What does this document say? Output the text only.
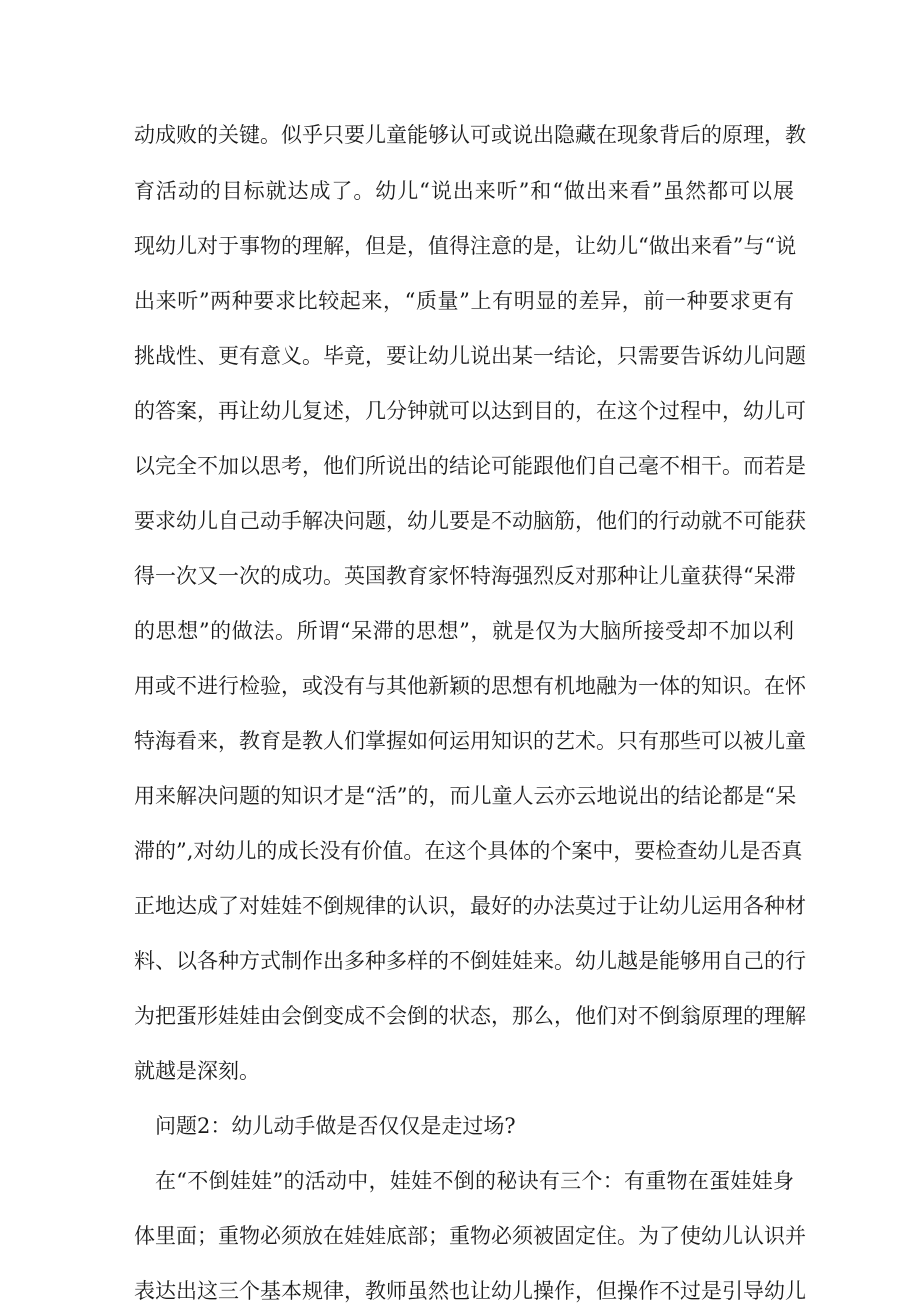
动成败的关键。似乎只要儿童能够认可或说出隐藏在现象背后的原理，教

育活动的目标就达成了。幼儿“说出来听”和“做出来看”虽然都可以展

现幼儿对于事物的理解，但是，值得注意的是，让幼儿“做出来看”与“说

出来听”两种要求比较起来，“质量”上有明显的差异，前一种要求更有

挑战性、更有意义。毕竟，要让幼儿说出某一结论，只需要告诉幼儿问题

的答案，再让幼儿复述，几分钟就可以达到目的，在这个过程中，幼儿可

以完全不加以思考，他们所说出的结论可能跟他们自己毫不相干。而若是

要求幼儿自己动手解决问题，幼儿要是不动脑筋，他们的行动就不可能获

得一次又一次的成功。英国教育家怀特海强烈反对那种让儿童获得“呆滞

的思想”的做法。所谓“呆滞的思想”，就是仅为大脑所接受却不加以利

用或不进行检验，或没有与其他新颖的思想有机地融为一体的知识。在怀

特海看来，教育是教人们掌握如何运用知识的艺术。只有那些可以被儿童

用来解决问题的知识才是“活”的，而儿童人云亦云地说出的结论都是“呆

滞的”,对幼儿的成长没有价值。在这个具体的个案中，要检查幼儿是否真

正地达成了对娃娃不倒规律的认识，最好的办法莫过于让幼儿运用各种材

料、以各种方式制作出多种多样的不倒娃娃来。幼儿越是能够用自己的行

为把蛋形娃娃由会倒变成不会倒的状态，那么，他们对不倒翁原理的理解

就越是深刻。

问题2：幼儿动手做是否仅仅是走过场?

在“不倒娃娃”的活动中，娃娃不倒的秘诀有三个：有重物在蛋娃娃身

体里面；重物必须放在娃娃底部；重物必须被固定住。为了使幼儿认识并

表达出这三个基本规律，教师虽然也让幼儿操作，但操作不过是引导幼儿
